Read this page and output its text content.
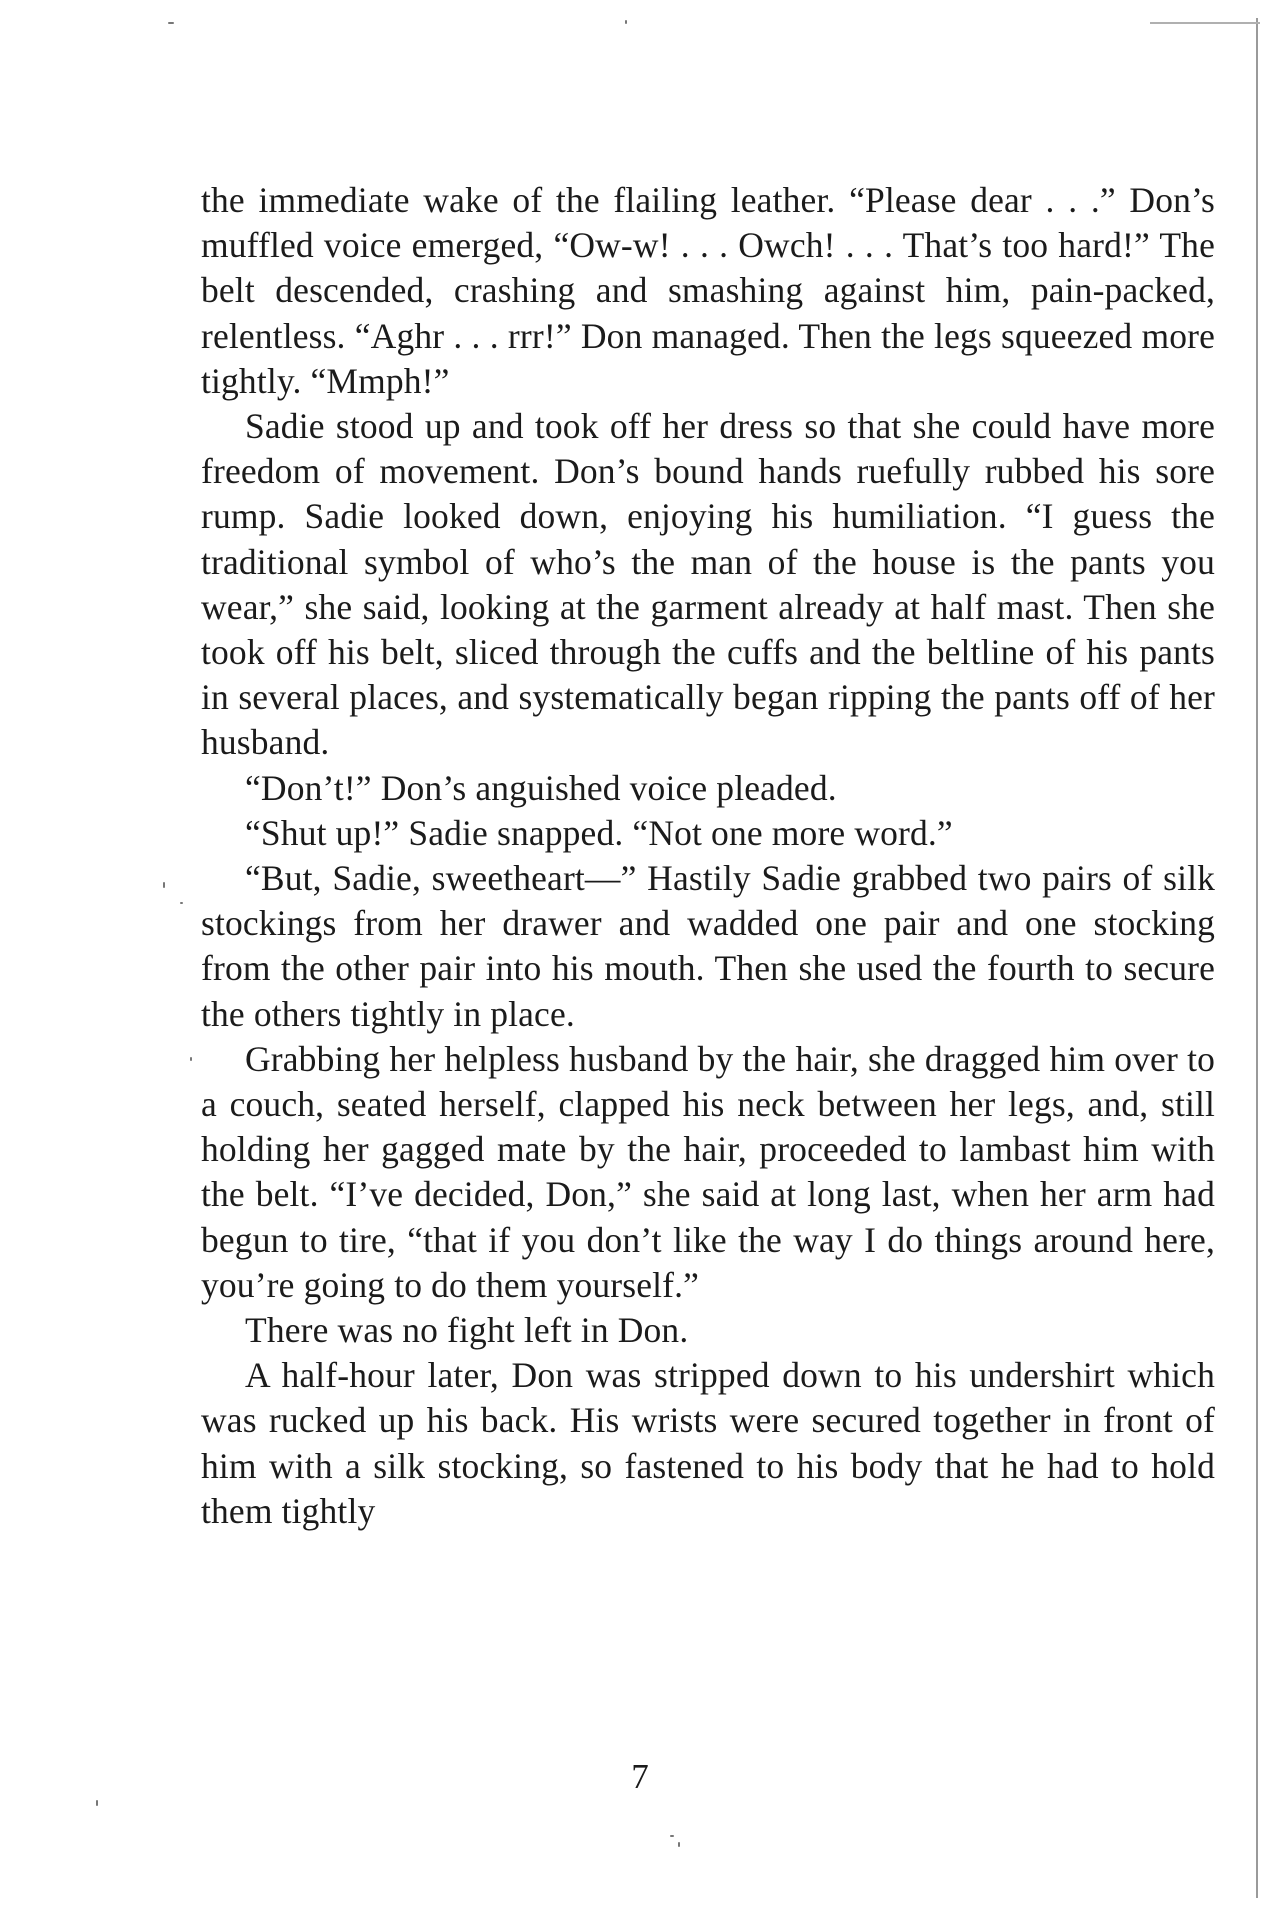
the immediate wake of the flailing leather. “Please dear . . .” Don’s muffled voice emerged, “Ow-w! . . . Owch! . . . That’s too hard!” The belt descended, crashing and smashing against him, pain-packed, relentless. “Aghr . . . rrr!” Don managed. Then the legs squeezed more tightly. “Mmph!”

Sadie stood up and took off her dress so that she could have more freedom of movement. Don’s bound hands ruefully rubbed his sore rump. Sadie looked down, enjoying his humiliation. “I guess the traditional symbol of who’s the man of the house is the pants you wear,” she said, looking at the garment already at half mast. Then she took off his belt, sliced through the cuffs and the beltline of his pants in several places, and systematically began ripping the pants off of her husband.

“Don’t!” Don’s anguished voice pleaded.

“Shut up!” Sadie snapped. “Not one more word.”

“But, Sadie, sweetheart—” Hastily Sadie grabbed two pairs of silk stockings from her drawer and wadded one pair and one stocking from the other pair into his mouth. Then she used the fourth to secure the others tightly in place.

Grabbing her helpless husband by the hair, she dragged him over to a couch, seated herself, clapped his neck between her legs, and, still holding her gagged mate by the hair, proceeded to lambast him with the belt. “I’ve decided, Don,” she said at long last, when her arm had begun to tire, “that if you don’t like the way I do things around here, you’re going to do them yourself.”

There was no fight left in Don.

A half-hour later, Don was stripped down to his undershirt which was rucked up his back. His wrists were secured together in front of him with a silk stocking, so fastened to his body that he had to hold them tightly

7
